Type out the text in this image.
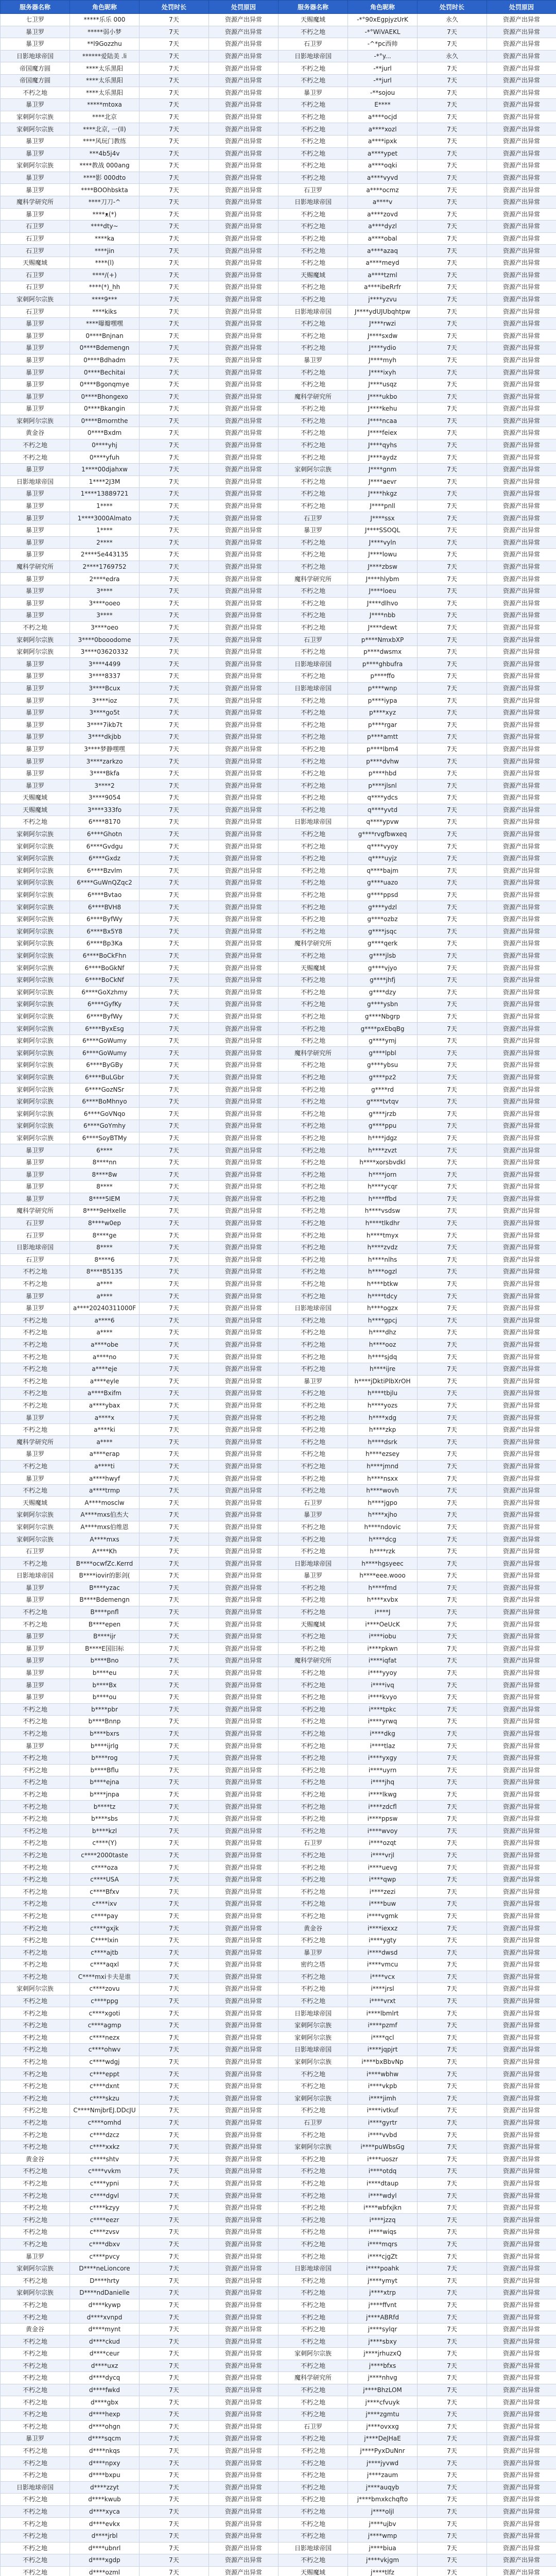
服务器名称	角色昵称	处罚时长	处罚原因	服务器名称	角色昵称	处罚时长	处罚原因
七卫罗	*****乐乐 000	7天	资源产出异常	天赐魔域	-*°90xEgpjyzUrK	永久	资源产出异常
暴卫罗	*****弱小梦	7天	资源产出异常	不朽之地	-*°WiVAEKL	7天	资源产出异常
暴卫罗	**l9Gozzhu	7天	资源产出异常	石卫罗	-^*pc西帅	7天	资源产出异常
日影地球帝国	******爱陆美 .li	7天	资源产出异常	日影地球帝国	-*°y...	永久	资源产出异常
帝国魔方圆	****太乐黑阳	7天	资源产出异常	不朽之地	-**jurl	7天	资源产出异常
帝国魔方圆	****太乐黑阳	7天	资源产出异常	不朽之地	-**jurl	7天	资源产出异常
不朽之地	****太乐黑阳	7天	资源产出异常	暴卫罗	-**sojou	7天	资源产出异常
暴卫罗	*****mtoxa	7天	资源产出异常	不朽之地	E****	7天	资源产出异常
家刺阿尔宗族	****北京	7天	资源产出异常	不朽之地	a****ocjd	7天	资源产出异常
家刺阿尔宗族	****北京, 一(ll)	7天	资源产出异常	不朽之地	a****xozl	7天	资源产出异常
暴卫罗	****风玩门教练	7天	资源产出异常	不朽之地	a****ipxk	7天	资源产出异常
暴卫罗	***4b5j4v	7天	资源产出异常	不朽之地	a****ypet	7天	资源产出异常
家刺阿尔宗族	****教战 000ang	7天	资源产出异常	不朽之地	a****oqki	7天	资源产出异常
暴卫罗	****影 000dto	7天	资源产出异常	不朽之地	a****vyvd	7天	资源产出异常
暴卫罗	****BOOhbskta	7天	资源产出异常	石卫罗	a****ocmz	7天	资源产出异常
魔科学研究所	****刀刀-^	7天	资源产出异常	日影地球帝国	a****v	7天	资源产出异常
暴卫罗	****ᴥ(*)	7天	资源产出异常	不朽之地	a****zovd	7天	资源产出异常
石卫罗	****dty~	7天	资源产出异常	不朽之地	a****dyzl	7天	资源产出异常
石卫罗	****ka	7天	资源产出异常	不朽之地	a****obal	7天	资源产出异常
石卫罗	****jin	7天	资源产出异常	不朽之地	a****azaq	7天	资源产出异常
天赐魔域	****(l)	7天	资源产出异常	不朽之地	a****meyd	7天	资源产出异常
石卫罗	****/(+)	7天	资源产出异常	天赐魔域	a****tzml	7天	资源产出异常
石卫罗	****(*)_hh	7天	资源产出异常	不朽之地	a****ibeRrfr	7天	资源产出异常
家刺阿尔宗族	****9***	7天	资源产出异常	不朽之地	j****yzvu	7天	资源产出异常
石卫罗	****kiks	7天	资源产出异常	日影地球帝国	J****ydUJUbqhtpw	7天	资源产出异常
暴卫罗	****曝瓣嘿嘿	7天	资源产出异常	不朽之地	J****rwzi	7天	资源产出异常
暴卫罗	0****Bnjnan	7天	资源产出异常	不朽之地	J****sxdw	7天	资源产出异常
暴卫罗	0****Bdemengn	7天	资源产出异常	不朽之地	J****ydio	7天	资源产出异常
暴卫罗	0****Bdhadm	7天	资源产出异常	暴卫罗	J****myh	7天	资源产出异常
暴卫罗	0****Bechitai	7天	资源产出异常	不朽之地	J****ixyh	7天	资源产出异常
暴卫罗	0****Bgonqmye	7天	资源产出异常	不朽之地	J****usqz	7天	资源产出异常
暴卫罗	0****Bhongexo	7天	资源产出异常	魔科学研究所	J****ukbo	7天	资源产出异常
暴卫罗	0****Bkangin	7天	资源产出异常	不朽之地	J****kehu	7天	资源产出异常
家刺阿尔宗族	0****Bmornthe	7天	资源产出异常	不朽之地	J****ncaa	7天	资源产出异常
黄金谷	0****Bxdm	7天	资源产出异常	不朽之地	J****feiex	7天	资源产出异常
不朽之地	0****yhj	7天	资源产出异常	不朽之地	J****qyhs	7天	资源产出异常
不朽之地	0****yfuh	7天	资源产出异常	不朽之地	J****aydz	7天	资源产出异常
暴卫罗	1****00djahxw	7天	资源产出异常	家刺阿尔宗族	J****gnm	7天	资源产出异常
日影地球帝国	1****2J3M	7天	资源产出异常	不朽之地	J****aevr	7天	资源产出异常
暴卫罗	1****13889721	7天	资源产出异常	不朽之地	J****hkgz	7天	资源产出异常
暴卫罗	1****	7天	资源产出异常	不朽之地	J****pnll	7天	资源产出异常
暴卫罗	1****3000Almato	7天	资源产出异常	石卫罗	J****ssx	7天	资源产出异常
暴卫罗	1****	7天	资源产出异常	暴卫罗	J****SSOQL	7天	资源产出异常
暴卫罗	2****	7天	资源产出异常	不朽之地	J****vyln	7天	资源产出异常
暴卫罗	2****5e443135	7天	资源产出异常	不朽之地	J****lowu	7天	资源产出异常
魔科学研究所	2****1769752	7天	资源产出异常	不朽之地	J****zbsw	7天	资源产出异常
暴卫罗	2****edra	7天	资源产出异常	魔科学研究所	J****hlybm	7天	资源产出异常
暴卫罗	3****	7天	资源产出异常	不朽之地	J****loeu	7天	资源产出异常
暴卫罗	3****ooeo	7天	资源产出异常	不朽之地	J****dlhvo	7天	资源产出异常
暴卫罗	3****	7天	资源产出异常	不朽之地	J****nbb	7天	资源产出异常
不朽之地	3****oeo	7天	资源产出异常	不朽之地	J****dewt	7天	资源产出异常
家刺阿尔宗族	3****0booodome	7天	资源产出异常	石卫罗	p****NmxbXP	7天	资源产出异常
家刺阿尔宗族	3****03620332	7天	资源产出异常	不朽之地	p****dwsmx	7天	资源产出异常
暴卫罗	3****4499	7天	资源产出异常	日影地球帝国	p****ghbufra	7天	资源产出异常
暴卫罗	3****8337	7天	资源产出异常	不朽之地	p****ffo	7天	资源产出异常
暴卫罗	3****Bcux	7天	资源产出异常	日影地球帝国	p****wnp	7天	资源产出异常
暴卫罗	3****ioz	7天	资源产出异常	不朽之地	p****iypa	7天	资源产出异常
暴卫罗	3****go5t	7天	资源产出异常	不朽之地	p****xyz	7天	资源产出异常
暴卫罗	3****7ikb7t	7天	资源产出异常	不朽之地	p****rgar	7天	资源产出异常
暴卫罗	3****dkjbb	7天	资源产出异常	不朽之地	p****amtt	7天	资源产出异常
暴卫罗	3****梦静嘿嘿	7天	资源产出异常	不朽之地	p****lbm4	7天	资源产出异常
暴卫罗	3****zarkzo	7天	资源产出异常	不朽之地	p****dvhw	7天	资源产出异常
暴卫罗	3****Bkfa	7天	资源产出异常	不朽之地	p****hbd	7天	资源产出异常
暴卫罗	3****2	7天	资源产出异常	不朽之地	p****jlsnl	7天	资源产出异常
天赐魔域	3****9054	7天	资源产出异常	不朽之地	q****ydcs	7天	资源产出异常
天赐魔域	3****333fo	7天	资源产出异常	不朽之地	q****yvtd	7天	资源产出异常
不朽之地	6****8170	7天	资源产出异常	日影地球帝国	q****ypvw	7天	资源产出异常
家刺阿尔宗族	6****Ghotn	7天	资源产出异常	不朽之地	g****rvgfbwxeq	7天	资源产出异常
家刺阿尔宗族	6****Gvdgu	7天	资源产出异常	不朽之地	q****vyoy	7天	资源产出异常
家刺阿尔宗族	6****Gxdz	7天	资源产出异常	不朽之地	q****uyjz	7天	资源产出异常
家刺阿尔宗族	6****Bzvlm	7天	资源产出异常	不朽之地	q****bajm	7天	资源产出异常
家刺阿尔宗族	6****GuWnQZqc2	7天	资源产出异常	不朽之地	g****uazo	7天	资源产出异常
家刺阿尔宗族	6****Bvtao	7天	资源产出异常	不朽之地	g****ppsd	7天	资源产出异常
家刺阿尔宗族	6****BVH8	7天	资源产出异常	不朽之地	g****ydzl	7天	资源产出异常
家刺阿尔宗族	6****ByfWy	7天	资源产出异常	不朽之地	g****ozbz	7天	资源产出异常
家刺阿尔宗族	6****Bx5Y8	7天	资源产出异常	不朽之地	g****jsqc	7天	资源产出异常
家刺阿尔宗族	6****Bp3Ka	7天	资源产出异常	魔科学研究所	g****qerk	7天	资源产出异常
家刺阿尔宗族	6****BoCkFhn	7天	资源产出异常	不朽之地	g****jlsb	7天	资源产出异常
家刺阿尔宗族	6****BoGkNf	7天	资源产出异常	天赐魔域	g****vjyo	7天	资源产出异常
家刺阿尔宗族	6****BoCkNf	7天	资源产出异常	不朽之地	g****jhfj	7天	资源产出异常
家刺阿尔宗族	6****GoXzhmy	7天	资源产出异常	不朽之地	g****dzy	7天	资源产出异常
家刺阿尔宗族	6****GyfKy	7天	资源产出异常	不朽之地	g****ysbn	7天	资源产出异常
家刺阿尔宗族	6****ByfWy	7天	资源产出异常	不朽之地	g****Nbgrp	7天	资源产出异常
家刺阿尔宗族	6****ByxEsg	7天	资源产出异常	不朽之地	g****pxEbqBg	7天	资源产出异常
家刺阿尔宗族	6****GoWumy	7天	资源产出异常	不朽之地	g****ymj	7天	资源产出异常
家刺阿尔宗族	6****GoWumy	7天	资源产出异常	魔科学研究所	g****lpbl	7天	资源产出异常
家刺阿尔宗族	6****ByGBy	7天	资源产出异常	不朽之地	g****ybsu	7天	资源产出异常
家刺阿尔宗族	6****BuLGbr	7天	资源产出异常	不朽之地	g****pz2	7天	资源产出异常
家刺阿尔宗族	6****GozNSr	7天	资源产出异常	不朽之地	g****rd	7天	资源产出异常
家刺阿尔宗族	6****BoMhnyo	7天	资源产出异常	不朽之地	g****tvtqv	7天	资源产出异常
家刺阿尔宗族	6****GoVNqo	7天	资源产出异常	不朽之地	g****jrzb	7天	资源产出异常
家刺阿尔宗族	6****GoYmhy	7天	资源产出异常	不朽之地	g****ppu	7天	资源产出异常
家刺阿尔宗族	6****SoyBTMy	7天	资源产出异常	不朽之地	h****jdgz	7天	资源产出异常
暴卫罗	6****	7天	资源产出异常	不朽之地	h****zvzt	7天	资源产出异常
暴卫罗	8****nn	7天	资源产出异常	不朽之地	h****xorsbvdkl	7天	资源产出异常
暴卫罗	8****8w	7天	资源产出异常	不朽之地	h****jorn	7天	资源产出异常
暴卫罗	8****	7天	资源产出异常	不朽之地	h****ycqr	7天	资源产出异常
暴卫罗	8****5IEM	7天	资源产出异常	不朽之地	h****ffbd	7天	资源产出异常
魔科学研究所	8****9eHxelle	7天	资源产出异常	不朽之地	h****vsdsw	7天	资源产出异常
石卫罗	8****w0ep	7天	资源产出异常	不朽之地	h****tlkdhr	7天	资源产出异常
石卫罗	8****ge	7天	资源产出异常	不朽之地	h****tmyx	7天	资源产出异常
日影地球帝国	8****	7天	资源产出异常	不朽之地	h****zvdz	7天	资源产出异常
石卫罗	8****6	7天	资源产出异常	不朽之地	h****nlhs	7天	资源产出异常
不朽之地	8****B5135	7天	资源产出异常	不朽之地	h****ogzl	7天	资源产出异常
不朽之地	a****	7天	资源产出异常	不朽之地	h****btkw	7天	资源产出异常
暴卫罗	a****	7天	资源产出异常	不朽之地	h****tdcy	7天	资源产出异常
暴卫罗	a****20240311000F	7天	资源产出异常	日影地球帝国	h****ogzx	7天	资源产出异常
不朽之地	a****6	7天	资源产出异常	不朽之地	h****gpcj	7天	资源产出异常
不朽之地	a****	7天	资源产出异常	不朽之地	h****dhz	7天	资源产出异常
不朽之地	a****obe	7天	资源产出异常	不朽之地	h****ooz	7天	资源产出异常
不朽之地	a****no	7天	资源产出异常	不朽之地	h****sjdq	7天	资源产出异常
不朽之地	a****eje	7天	资源产出异常	不朽之地	h****ijre	7天	资源产出异常
不朽之地	a****eyle	7天	资源产出异常	暴卫罗	h****jDktiPlbXrOH	7天	资源产出异常
不朽之地	a****Bxifm	7天	资源产出异常	不朽之地	h****tbjlu	7天	资源产出异常
不朽之地	a****ybax	7天	资源产出异常	不朽之地	h****yozs	7天	资源产出异常
暴卫罗	a****x	7天	资源产出异常	不朽之地	h****xdg	7天	资源产出异常
不朽之地	a****ki	7天	资源产出异常	不朽之地	h****zkp	7天	资源产出异常
魔科学研究所	a****	7天	资源产出异常	不朽之地	h****dsrk	7天	资源产出异常
暴卫罗	a****erap	7天	资源产出异常	不朽之地	h****ezsey	7天	资源产出异常
不朽之地	a****ti	7天	资源产出异常	不朽之地	h****jmnd	7天	资源产出异常
暴卫罗	a****hwyf	7天	资源产出异常	不朽之地	h****nsxx	7天	资源产出异常
不朽之地	a****trmp	7天	资源产出异常	不朽之地	h****wovh	7天	资源产出异常
天赐魔域	A****mosclw	7天	资源产出异常	石卫罗	h****jgpo	7天	资源产出异常
家刺阿尔宗族	A****mxs伯杰大	7天	资源产出异常	暴卫罗	h****xjho	7天	资源产出异常
家刺阿尔宗族	A****mxs伯维恩	7天	资源产出异常	不朽之地	h****ndovic	7天	资源产出异常
家刺阿尔宗族	A****mxs	7天	资源产出异常	不朽之地	h****dcg	7天	资源产出异常
石卫罗	A****Kh	7天	资源产出异常	不朽之地	h****rzk	7天	资源产出异常
不朽之地	B****ocwfZc.Kerrd	7天	资源产出异常	日影地球帝国	h****hgsyeec	7天	资源产出异常
日影地球帝国	B****iovir的影剑(	7天	资源产出异常	暴卫罗	h****eee.wooo	7天	资源产出异常
暴卫罗	B****yzac	7天	资源产出异常	不朽之地	h****fmd	7天	资源产出异常
暴卫罗	B****Bdemengn	7天	资源产出异常	不朽之地	h****xvbx	7天	资源产出异常
不朽之地	B****pnfl	7天	资源产出异常	不朽之地	i****J	7天	资源产出异常
不朽之地	B****epen	7天	资源产出异常	天赐魔域	i****OeUcK	7天	资源产出异常
暴卫罗	B****ijr	7天	资源产出异常	不朽之地	i****iobu	7天	资源产出异常
暴卫罗	B****E国旧标	7天	资源产出异常	不朽之地	i****pkwn	7天	资源产出异常
暴卫罗	b****Bno	7天	资源产出异常	魔科学研究所	i****iqfat	7天	资源产出异常
暴卫罗	b****eu	7天	资源产出异常	不朽之地	i****yyoy	7天	资源产出异常
暴卫罗	b****Bx	7天	资源产出异常	不朽之地	i****ivq	7天	资源产出异常
暴卫罗	b****ou	7天	资源产出异常	不朽之地	i****kvyo	7天	资源产出异常
不朽之地	b****pbr	7天	资源产出异常	不朽之地	i****tpkc	7天	资源产出异常
不朽之地	b****Bnnp	7天	资源产出异常	不朽之地	i****yrwq	7天	资源产出异常
不朽之地	b****bxrs	7天	资源产出异常	不朽之地	i****dkg	7天	资源产出异常
暴卫罗	b****ijrlg	7天	资源产出异常	不朽之地	i****tlaz	7天	资源产出异常
不朽之地	b****rog	7天	资源产出异常	不朽之地	i****yxgy	7天	资源产出异常
不朽之地	b****Bflu	7天	资源产出异常	不朽之地	i****uyrn	7天	资源产出异常
不朽之地	b****ejna	7天	资源产出异常	不朽之地	i****jhq	7天	资源产出异常
不朽之地	b****jnpa	7天	资源产出异常	不朽之地	i****lkwg	7天	资源产出异常
不朽之地	b****tz	7天	资源产出异常	不朽之地	i****zdcfl	7天	资源产出异常
不朽之地	b****sbs	7天	资源产出异常	不朽之地	i****ppsw	7天	资源产出异常
不朽之地	b****kzl	7天	资源产出异常	不朽之地	i****wvoy	7天	资源产出异常
不朽之地	c****(Y)	7天	资源产出异常	石卫罗	i****ozqt	7天	资源产出异常
不朽之地	c****2000taste	7天	资源产出异常	不朽之地	i****vrjl	7天	资源产出异常
不朽之地	c****oza	7天	资源产出异常	不朽之地	i****uevg	7天	资源产出异常
不朽之地	c****USA	7天	资源产出异常	不朽之地	i****qwp	7天	资源产出异常
不朽之地	c****Bfxv	7天	资源产出异常	不朽之地	i****zezi	7天	资源产出异常
不朽之地	c****ixv	7天	资源产出异常	不朽之地	i****buw	7天	资源产出异常
不朽之地	c****pay	7天	资源产出异常	不朽之地	i****vgmk	7天	资源产出异常
不朽之地	c****gxjk	7天	资源产出异常	黄金谷	i****iexxz	7天	资源产出异常
不朽之地	C****lxin	7天	资源产出异常	不朽之地	i****ygty	7天	资源产出异常
不朽之地	c****ajtb	7天	资源产出异常	暴卫罗	i****dwsd	7天	资源产出异常
不朽之地	c****aqxl	7天	资源产出异常	密约之塔	i****vmcu	7天	资源产出异常
不朽之地	C****mxi卡夫是谁	7天	资源产出异常	不朽之地	i****vcx	7天	资源产出异常
家刺阿尔宗族	c****zovu	7天	资源产出异常	不朽之地	i****jrsl	7天	资源产出异常
不朽之地	c****ppg	7天	资源产出异常	不朽之地	i****vrxt	7天	资源产出异常
不朽之地	c****xgoti	7天	资源产出异常	日影地球帝国	i****lbmlrt	7天	资源产出异常
不朽之地	c****agmp	7天	资源产出异常	家刺阿尔宗族	i****pzmf	7天	资源产出异常
不朽之地	c****nezx	7天	资源产出异常	家刺阿尔宗族	i****qcl	7天	资源产出异常
不朽之地	c****ohwv	7天	资源产出异常	日影地球帝国	i****jqpjrt	7天	资源产出异常
不朽之地	c****wdgj	7天	资源产出异常	家刺阿尔宗族	i****bxBbvNp	7天	资源产出异常
不朽之地	c****eppt	7天	资源产出异常	不朽之地	i****wbhw	7天	资源产出异常
不朽之地	c****dxnt	7天	资源产出异常	不朽之地	i****vkpb	7天	资源产出异常
不朽之地	c****skzu	7天	资源产出异常	家刺阿尔宗族	i****jimh	7天	资源产出异常
不朽之地	C****NmjbrEJ.DDcJU	7天	资源产出异常	不朽之地	i****ivtkuf	7天	资源产出异常
不朽之地	c****omhd	7天	资源产出异常	石卫罗	i****gyrtr	7天	资源产出异常
不朽之地	c****dzcz	7天	资源产出异常	不朽之地	i****vvbd	7天	资源产出异常
不朽之地	c****xxkz	7天	资源产出异常	家刺阿尔宗族	i****puWbsGg	7天	资源产出异常
黄金谷	c****shtv	7天	资源产出异常	不朽之地	i****uoszr	7天	资源产出异常
不朽之地	c****vvkm	7天	资源产出异常	不朽之地	i****otdq	7天	资源产出异常
不朽之地	c****ypni	7天	资源产出异常	不朽之地	i****dtaup	7天	资源产出异常
不朽之地	c****dgvl	7天	资源产出异常	不朽之地	i****wdyl	7天	资源产出异常
不朽之地	c****kzyy	7天	资源产出异常	不朽之地	i****wbfxjkn	7天	资源产出异常
不朽之地	c****eezr	7天	资源产出异常	不朽之地	i****jzzq	7天	资源产出异常
不朽之地	c****zvsv	7天	资源产出异常	不朽之地	i****wiqs	7天	资源产出异常
不朽之地	c****dbxv	7天	资源产出异常	不朽之地	i****mqrs	7天	资源产出异常
暴卫罗	c****pvcy	7天	资源产出异常	不朽之地	i****cjgZt	7天	资源产出异常
家刺阿尔宗族	D****neLioncore	7天	资源产出异常	日影地球帝国	i****poahk	7天	资源产出异常
不朽之地	D****hrty	7天	资源产出异常	不朽之地	j****ymyt	7天	资源产出异常
家刺阿尔宗族	D****ndDanielle	7天	资源产出异常	不朽之地	j****xtrp	7天	资源产出异常
不朽之地	d****kywp	7天	资源产出异常	不朽之地	j****ffvnt	7天	资源产出异常
不朽之地	d****xvnpd	7天	资源产出异常	不朽之地	j****ABRfd	7天	资源产出异常
黄金谷	d****mynt	7天	资源产出异常	不朽之地	j****sylqr	7天	资源产出异常
不朽之地	d****ckud	7天	资源产出异常	不朽之地	j****sbxy	7天	资源产出异常
不朽之地	d****ceur	7天	资源产出异常	家刺阿尔宗族	j****jrhuzxQ	7天	资源产出异常
不朽之地	d****uxz	7天	资源产出异常	不朽之地	j****bfxs	7天	资源产出异常
不朽之地	d****dycq	7天	资源产出异常	魔科学研究所	j****nhvg	7天	资源产出异常
不朽之地	d****fwkd	7天	资源产出异常	不朽之地	j****BhzLOM	7天	资源产出异常
不朽之地	d****gbx	7天	资源产出异常	不朽之地	j****cfvuyk	7天	资源产出异常
不朽之地	d****hexp	7天	资源产出异常	不朽之地	j****zgmtu	7天	资源产出异常
不朽之地	d****ohgn	7天	资源产出异常	石卫罗	j****ovxxg	7天	资源产出异常
暴卫罗	d****sqcm	7天	资源产出异常	不朽之地	j****DeJHaE	7天	资源产出异常
不朽之地	d****nkqs	7天	资源产出异常	不朽之地	j****PyxDuNnr	7天	资源产出异常
不朽之地	d****npxy	7天	资源产出异常	不朽之地	j****jyvwd	7天	资源产出异常
不朽之地	d****bxpu	7天	资源产出异常	不朽之地	j****zaum	7天	资源产出异常
日影地球帝国	d****zzyt	7天	资源产出异常	不朽之地	j****auqyb	7天	资源产出异常
不朽之地	d****kwub	7天	资源产出异常	不朽之地	j****bmxkchqfto	7天	资源产出异常
不朽之地	d****xyca	7天	资源产出异常	不朽之地	j****oljl	7天	资源产出异常
不朽之地	d****evkx	7天	资源产出异常	不朽之地	j****ujbv	7天	资源产出异常
不朽之地	d****jrbl	7天	资源产出异常	不朽之地	j****wmp	7天	资源产出异常
不朽之地	d****ubnrl	7天	资源产出异常	日影地球帝国	j****biua	7天	资源产出异常
不朽之地	d****xgdp	7天	资源产出异常	不朽之地	j****vkjgm	7天	资源产出异常
不朽之地	d****ozml	7天	资源产出异常	天赐魔域	j****tlfz	7天	资源产出异常
